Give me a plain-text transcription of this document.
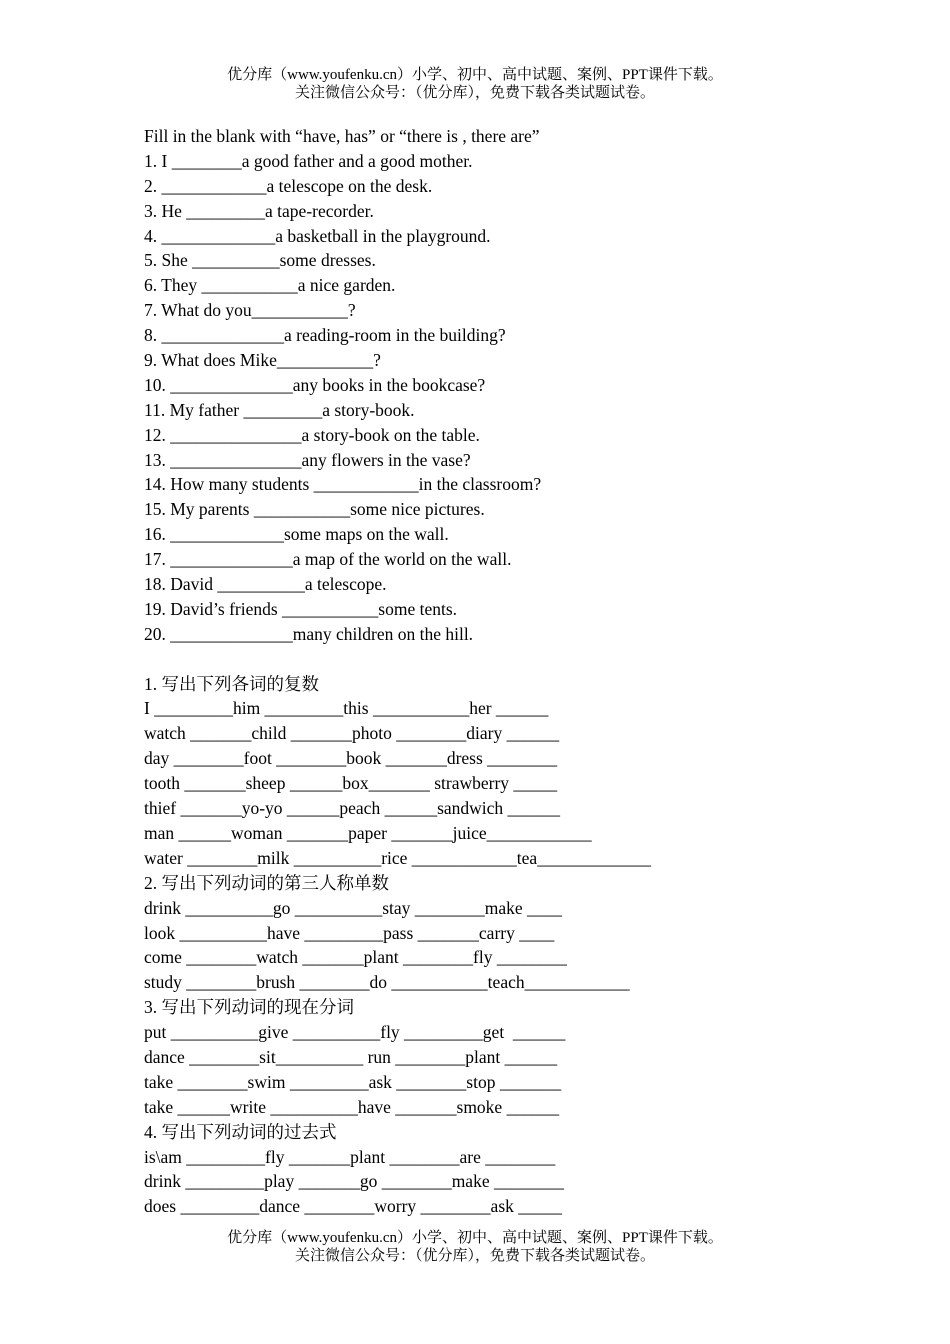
优分库（www.youfenku.cn）小学、初中、高中试题、案例、PPT课件下载。
关注微信公众号：（优分库），免费下载各类试题试卷。
Fill in the blank with “have, has” or “there is , there are”
1. I ________a good father and a good mother.
2. ____________a telescope on the desk.
3. He _________a tape-recorder.
4. _____________a basketball in the playground.
5. She __________some dresses.
6. They ___________a nice garden.
7. What do you___________?
8. ______________a reading-room in the building?
9. What does Mike___________?
10. ______________any books in the bookcase?
11. My father _________a story-book.
12. _______________a story-book on the table.
13. _______________any flowers in the vase?
14. How many students ____________in the classroom?
15. My parents ___________some nice pictures.
16. _____________some maps on the wall.
17. ______________a map of the world on the wall.
18. David __________a telescope.
19. David’s friends ___________some tents.
20. ______________many children on the hill.
1. 写出下列各词的复数
I _________him _________this ___________her ______
watch _______child _______photo ________diary ______
day ________foot ________book _______dress ________
tooth _______sheep ______box_______ strawberry _____
thief _______yo-yo ______peach ______sandwich ______
man ______woman _______paper _______juice____________
water ________milk __________rice ____________tea_____________
2. 写出下列动词的第三人称单数
drink __________go __________stay ________make ____
look __________have _________pass _______carry ____
come ________watch _______plant ________fly ________
study ________brush ________do ___________teach____________
3. 写出下列动词的现在分词
put __________give __________fly _________get  ______
dance ________sit__________ run ________plant ______
take ________swim _________ask ________stop _______
take ______write __________have _______smoke ______
4. 写出下列动词的过去式
is\am _________fly _______plant ________are ________
drink _________play _______go ________make ________
does _________dance ________worry ________ask _____
优分库（www.youfenku.cn）小学、初中、高中试题、案例、PPT课件下载。
关注微信公众号：（优分库），免费下载各类试题试卷。
